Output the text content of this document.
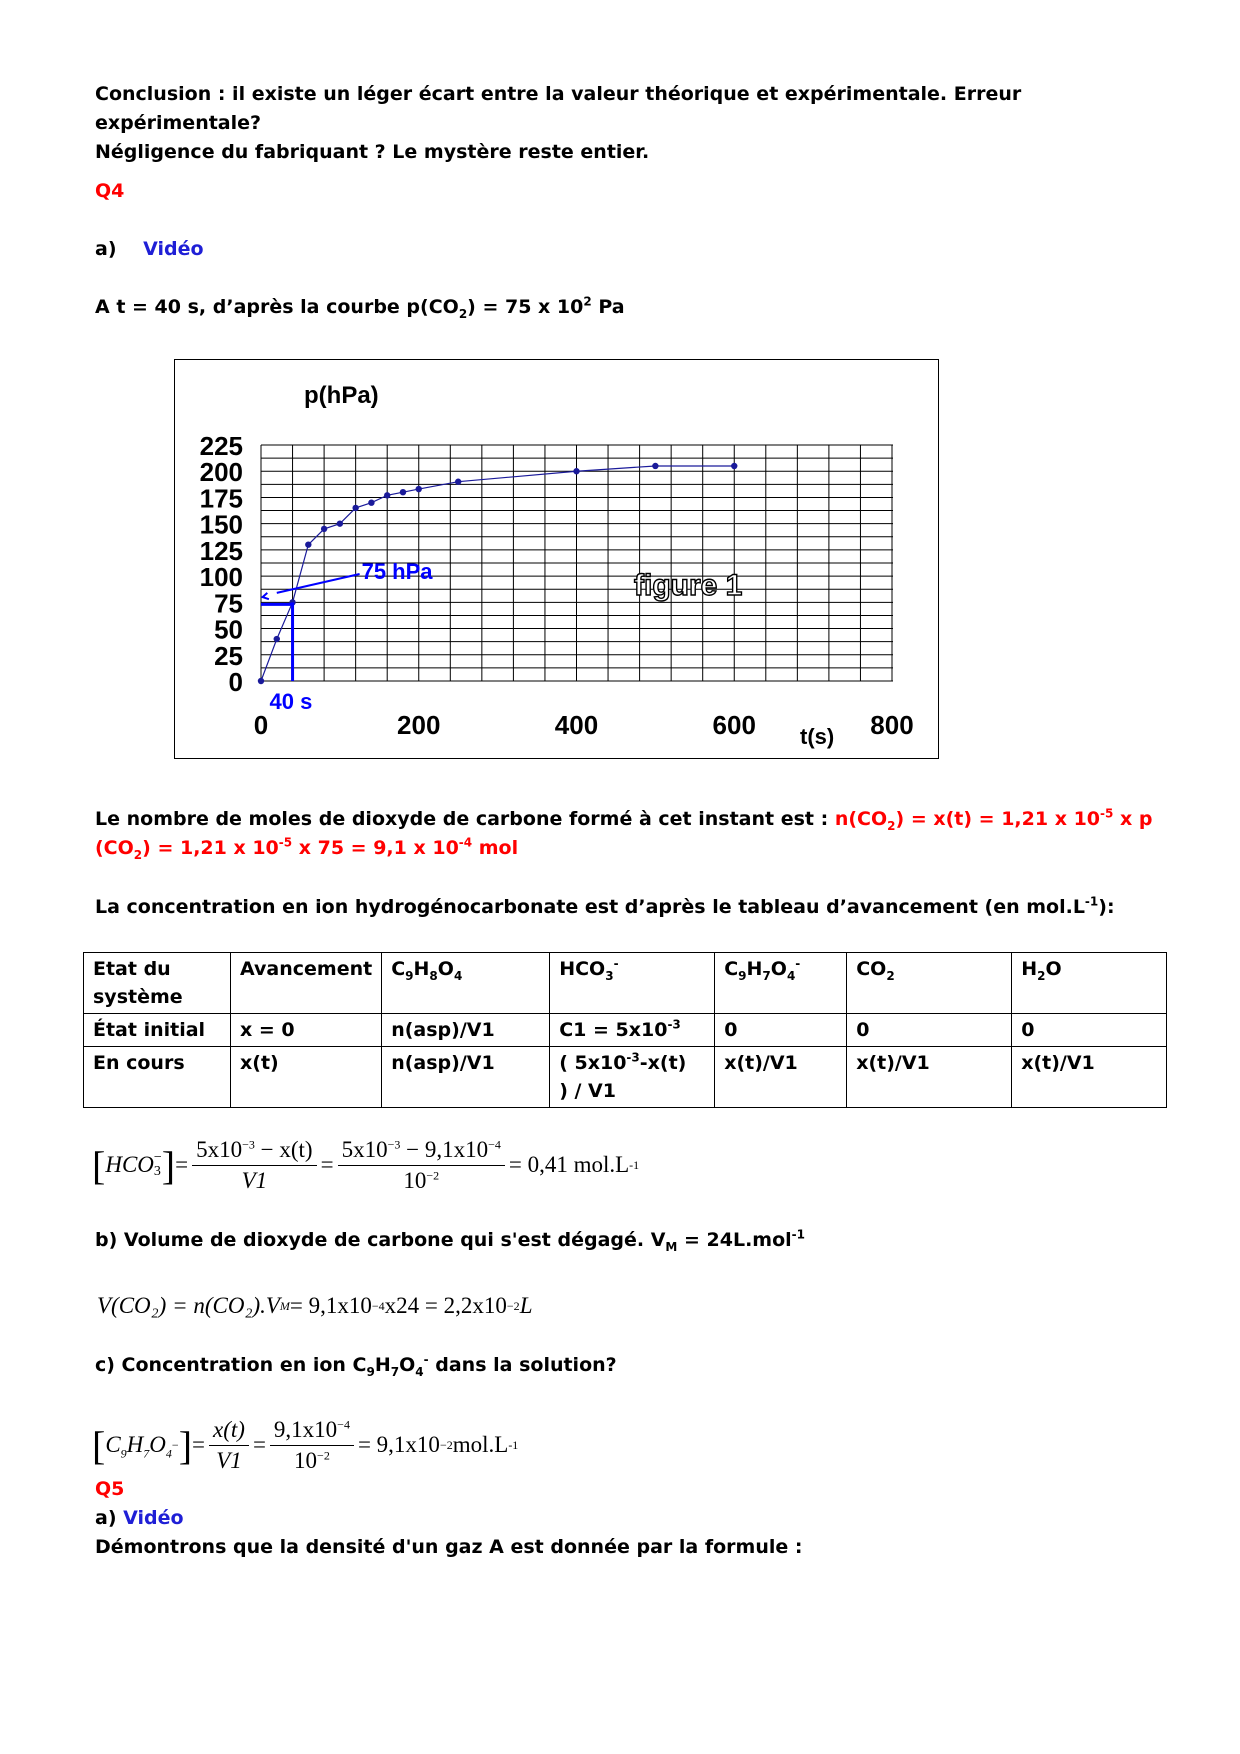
Conclusion : il existe un léger écart entre la valeur théorique et expérimentale. Erreur expérimentale?
Négligence du fabriquant ? Le mystère reste entier.
Q4
a) Vidéo
A t = 40 s, d’après la courbe $p(CO_2) = 75$ x $10^2$ Pa
0
25
50
75
100
125
150
175
200
225
0	200	400	600	800
75 hPa
40 s
p(hPa)
t(s)
figure 1
Le nombre de moles de dioxyde de carbone formé à cet instant est : $n(CO_2) = x(t) = 1,21$ x $10^{-5}$ x p
$(CO_2) = 1,21$ x $10^{-5}$ x 75 = 9,1 x $10^{-4}$ mol
La concentration en ion hydrogénocarbonate est d’après le tableau d’avancement (en $mol.L^{-1}$):
Etat du système	Avancement	$C_9H_8O_4$	$HCO_3^-$	$C_9H_7O_4^-$	$CO_2$	$H_2O$
État initial	x = 0	n(asp)/V1	$C1 = 5x10^{-3}$	0	0	0
En cours	x(t)	n(asp)/V1	( $5x10^{-3}-x(t)$
) / V1	x(t)/V1	x(t)/V1	x(t)/V1
[ HCO −
3 ] = $\frac{5x10^{-3} - x(t)}{V1} = \frac{5x10^{-3} - 9,1x10^{-4}}{10^{-2}} = 0,41$ mol.L -1
b) Volume de dioxyde de carbone qui s'est dégagé. $V_M = 24L.mol^{-1}$
V(CO₂) = n(CO₂).V M = 9,1x10 −4 x24 = 2,2x10 −2 L
c) Concentration en ion $C_9H_7O_4^-$ dans la solution?
[ $C_9H_7O_4$
− ] = $\frac{x(t)}{V1} = \frac{9,1x10^{-4}}{10^{-2}} = 9,1x10 -2$ mol.L -1
Q5
a) Vidéo
Démontrons que la densité d'un gaz A est donnée par la formule :
